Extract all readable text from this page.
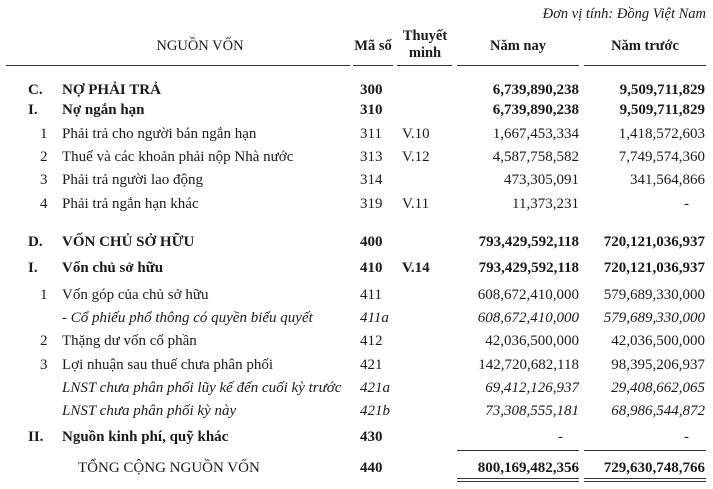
Đơn vị tính: Đồng Việt Nam
NGUỒN VỐN	Mã số
Thuyết
minh	Năm nay	Năm trước
C. NỢ PHẢI TRẢ	300	6,739,890,238	9,509,711,829
I. Nợ ngắn hạn	310	6,739,890,238	9,509,711,829
1 Phải trả cho người bán ngắn hạn	311 V.10	1,667,453,334	1,418,572,603
2 Thuế và các khoản phải nộp Nhà nước	313 V.12	4,587,758,582	7,749,574,360
3 Phải trả người lao động	314	473,305,091	341,564,866
4 Phải trả ngắn hạn khác	319 V.11	11,373,231	-
D. VỐN CHỦ SỞ HỮU	400	793,429,592,118 720,121,036,937
I. Vốn chủ sở hữu	410 V.14	793,429,592,118 720,121,036,937
1 Vốn góp của chủ sở hữu	411	608,672,410,000 579,689,330,000
- Cổ phiếu phổ thông có quyền biểu quyết	411a	608,672,410,000 579,689,330,000
2 Thặng dư vốn cổ phần	412	42,036,500,000 42,036,500,000
3 Lợi nhuận sau thuế chưa phân phối	421	142,720,682,118 98,395,206,937
LNST chưa phân phối lũy kế đến cuối kỳ trước 421a	69,412,126,937 29,408,662,065
LNST chưa phân phối kỳ này	421b	73,308,555,181 68,986,544,872
II. Nguồn kinh phí, quỹ khác	430	-	-
TỔNG CỘNG NGUỒN VỐN	440	800,169,482,356 729,630,748,766
